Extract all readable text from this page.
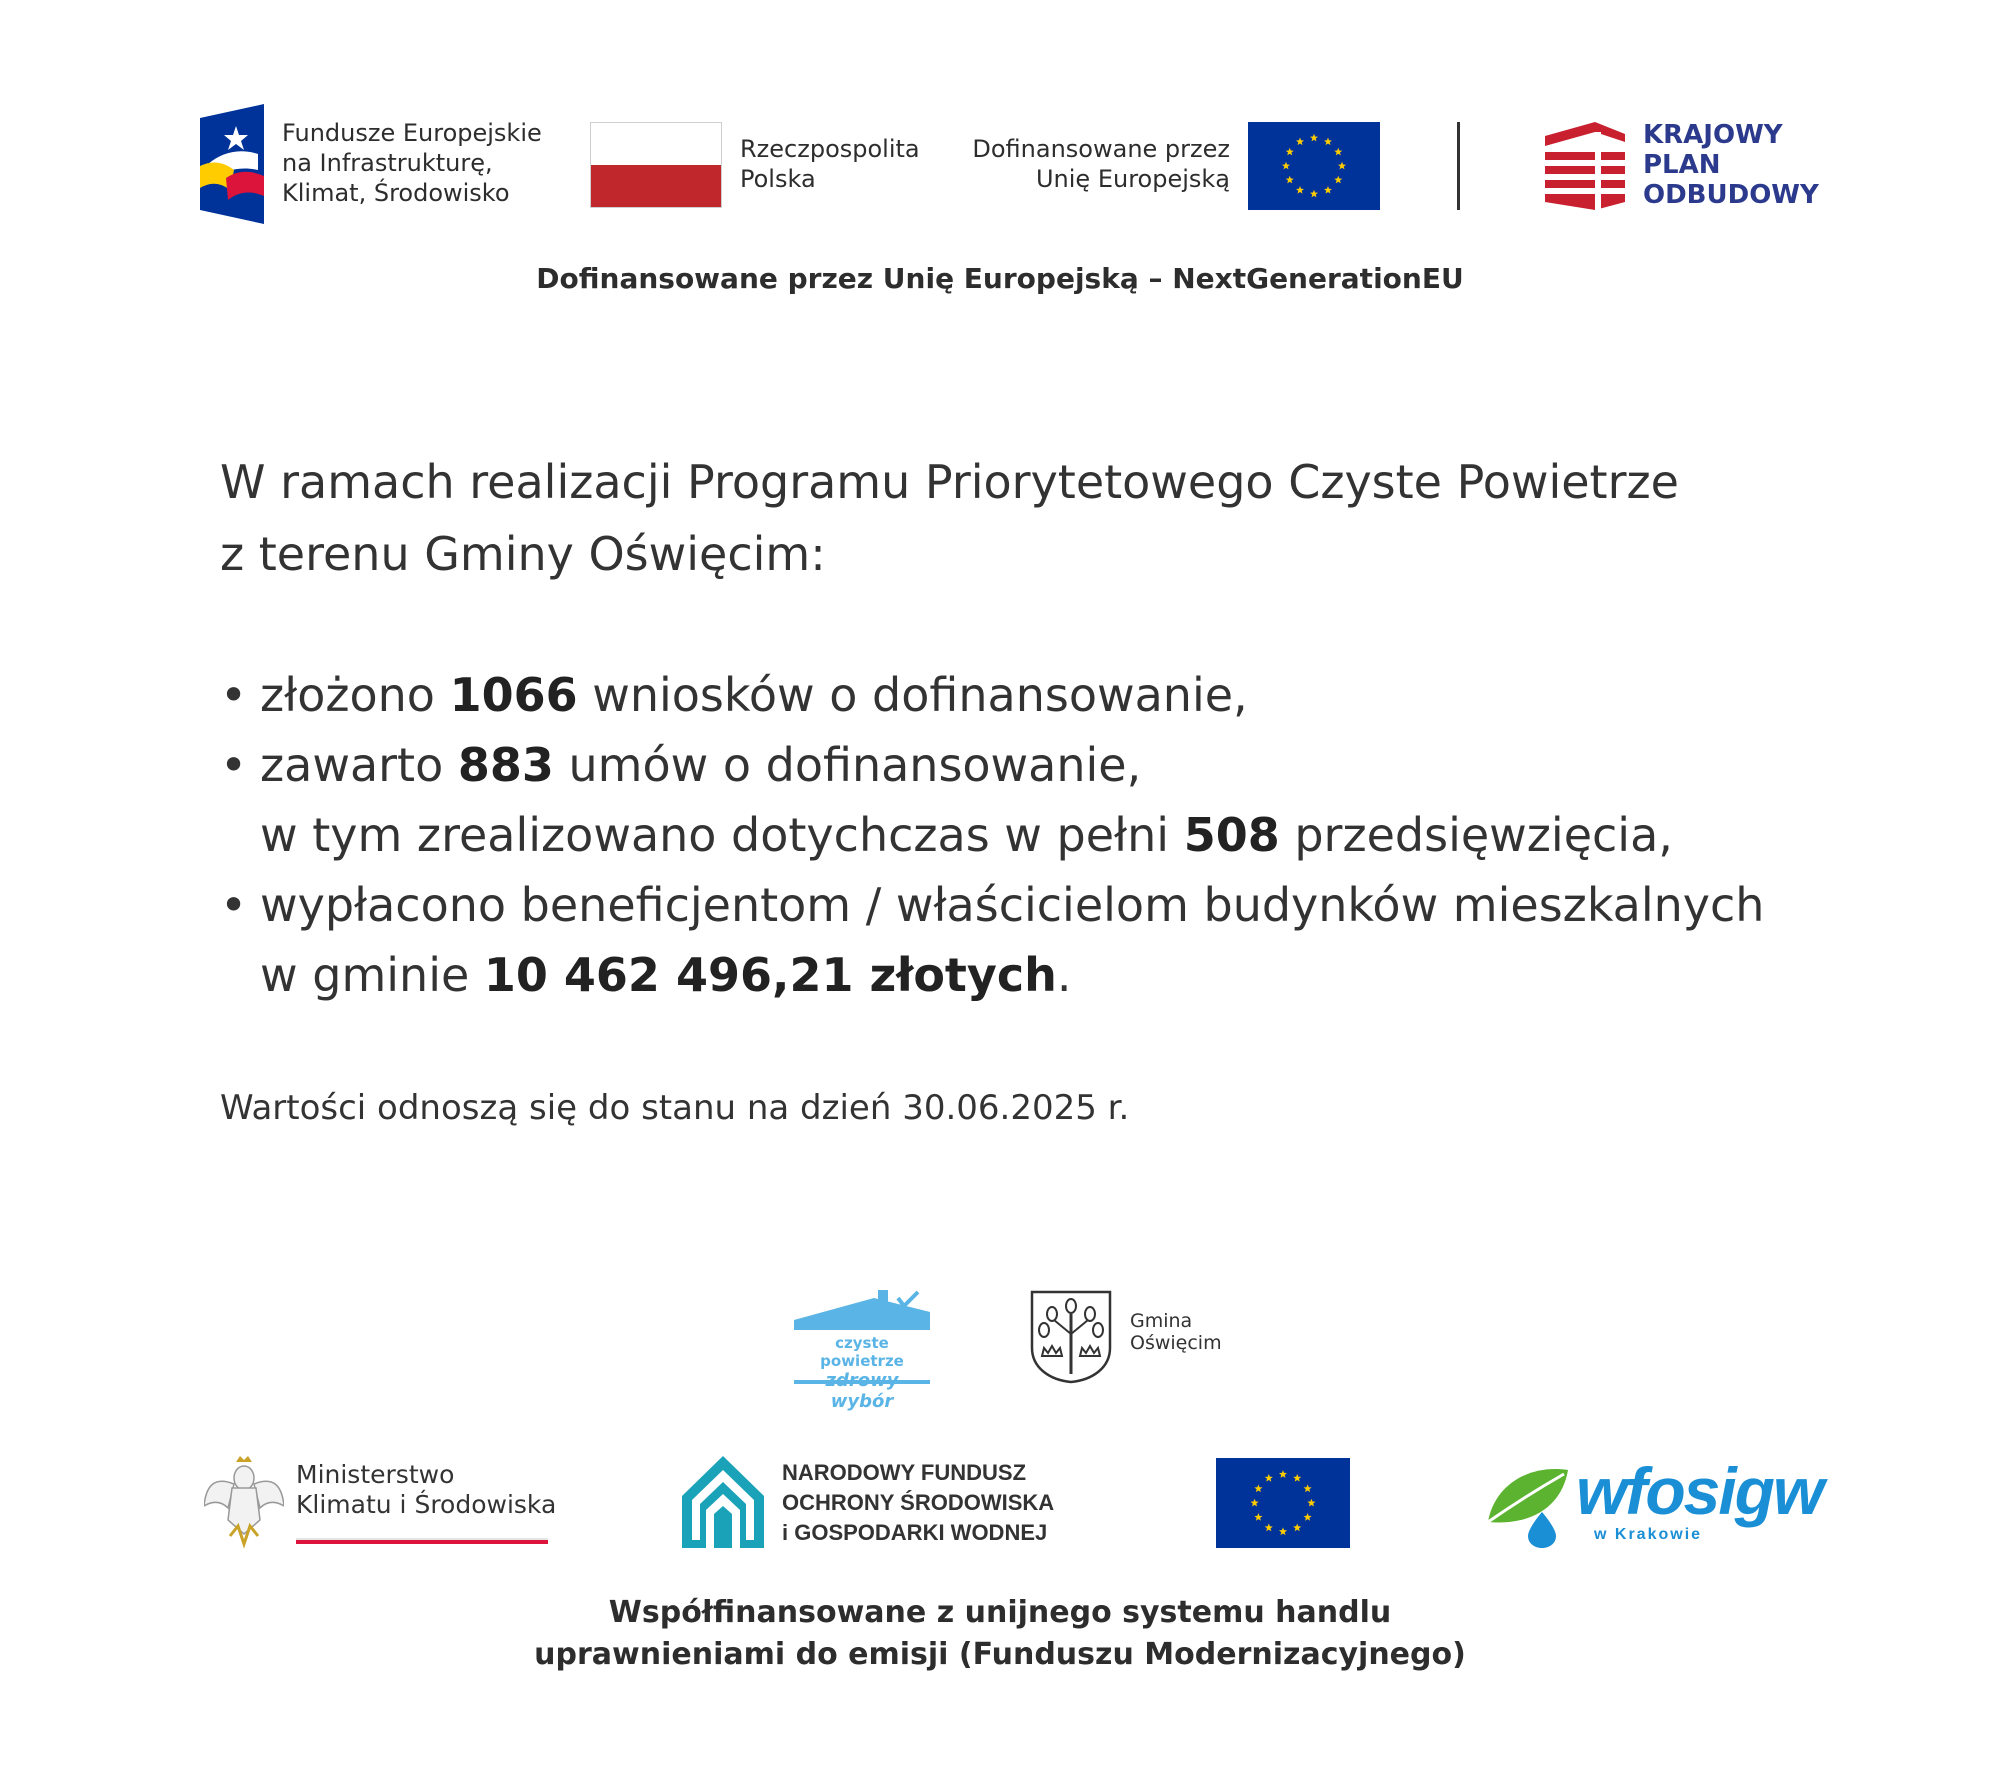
Fundusze Europejskie
na Infrastrukturę,
Klimat, Środowisko
Rzeczpospolita
Polska
Dofinansowane przez
Unię Europejską
KRAJOWY
PLAN
ODBUDOWY
Dofinansowane przez Unię Europejską – NextGenerationEU
W ramach realizacji Programu Priorytetowego Czyste Powietrze
z terenu Gminy Oświęcim:
• złożono 1066 wniosków o dofinansowanie,
• zawarto 883 umów o dofinansowanie,
w tym zrealizowano dotychczas w pełni 508 przedsięwzięcia,
• wypłacono beneficjentom / właścicielom budynków mieszkalnych
w gminie 10 462 496,21 złotych.
Wartości odnoszą się do stanu na dzień 30.06.2025 r.
czyste powietrze
zdrowy wybór
Gmina
Oświęcim
Ministerstwo
Klimatu i Środowiska
NARODOWY FUNDUSZ
OCHRONY ŚRODOWISKA
i GOSPODARKI WODNEJ
wfosigw
w Krakowie
Współfinansowane z unijnego systemu handlu
uprawnieniami do emisji (Funduszu Modernizacyjnego)
